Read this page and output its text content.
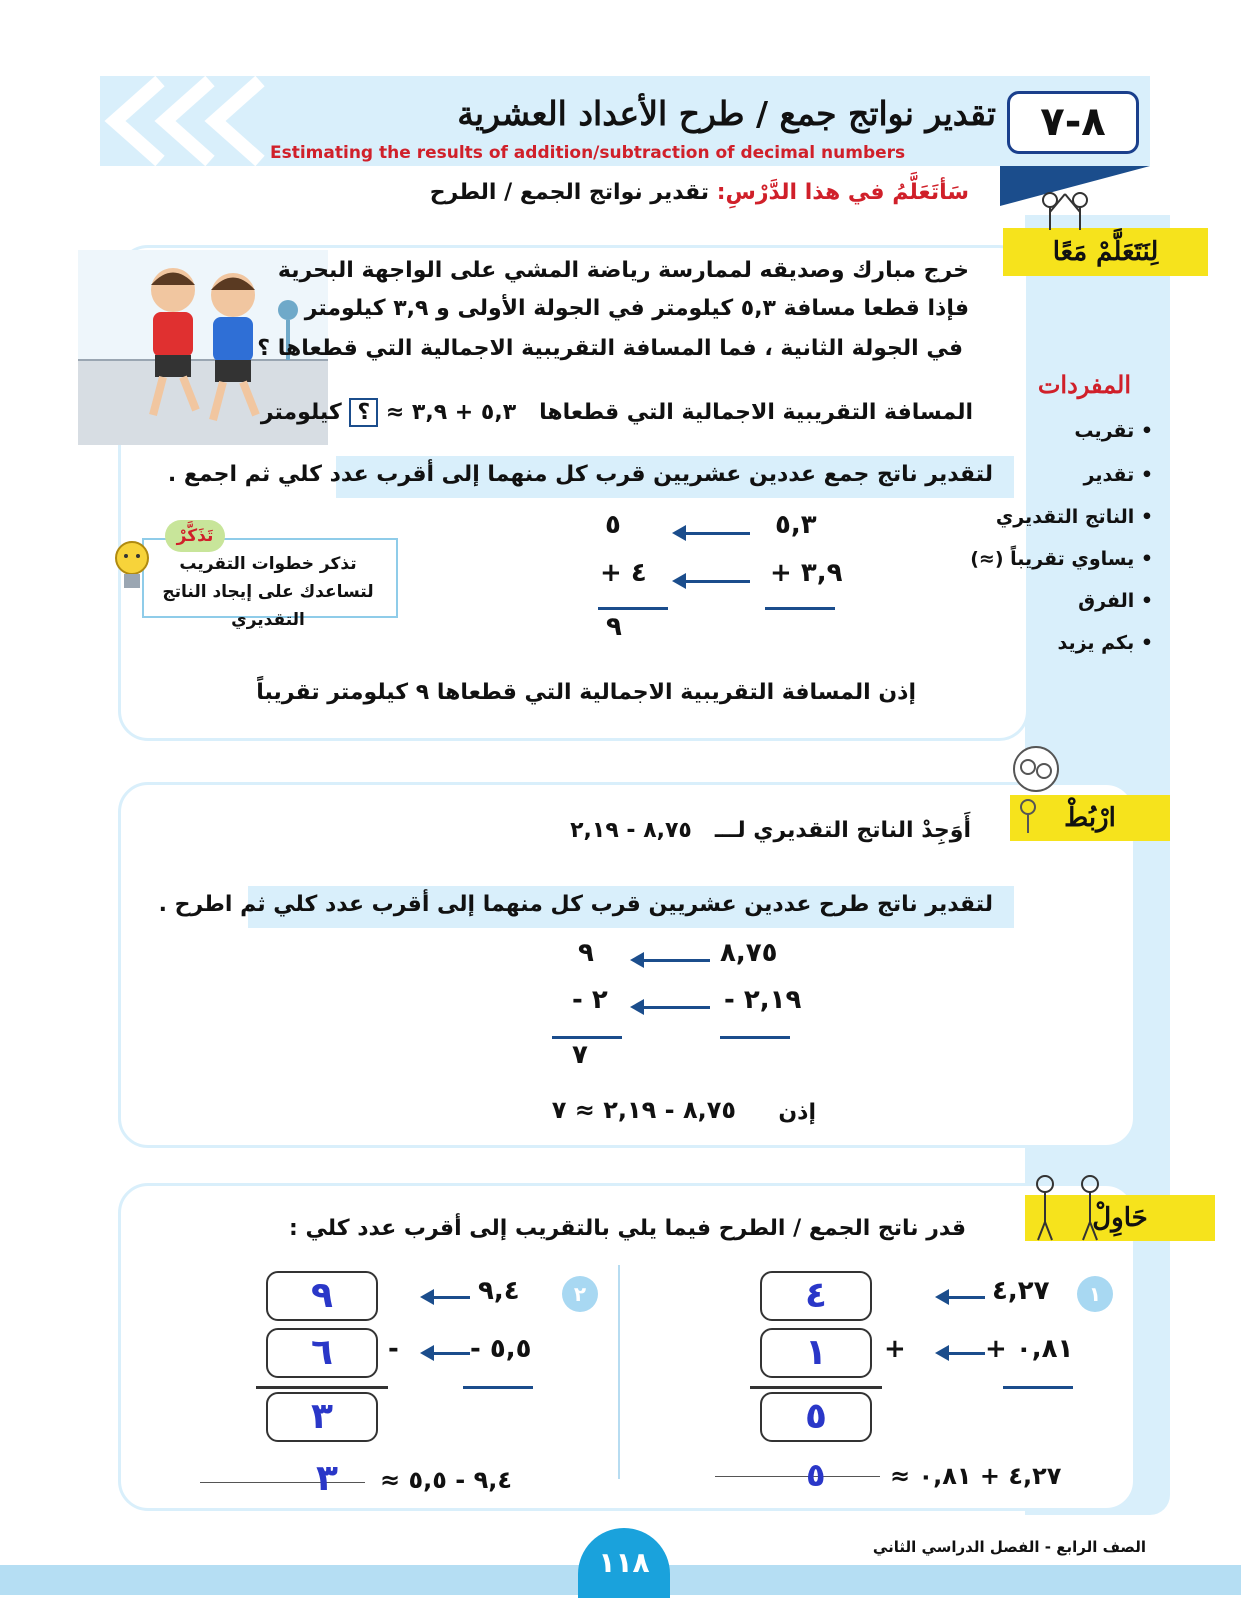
٨-٧
تقدير نواتج جمع / طرح الأعداد العشرية
Estimating the results of addition/subtraction of decimal numbers
سَأتَعَلَّمُ في هذا الدَّرْسِ: تقدير نواتج الجمع / الطرح
لِنَتَعَلَّمْ مَعًا
خرج مبارك وصديقه لممارسة رياضة المشي على الواجهة البحرية
فإذا قطعا مسافة ٥,٣ كيلومتر في الجولة الأولى و ٣,٩ كيلومتر
في الجولة الثانية ، فما المسافة التقريبية الاجمالية التي قطعاها ؟
المسافة التقريبية الاجمالية التي قطعاها   ٥,٣ + ٣,٩ ≈ ؟ كيلومتر
لتقدير ناتج جمع عددين عشريين قرب كل منهما إلى أقرب عدد كلي ثم اجمع .
٥,٣
٥
٣,٩ +
٤ +
٩
تذكر خطوات التقريب لتساعدك على إيجاد الناتج التقديري
تَذَكَّرْ
إذن المسافة التقريبية الاجمالية التي قطعاها ٩ كيلومتر تقريباً
المفردات
• تقريب
• تقدير
• الناتج التقديري
• يساوي تقريباً (≈)
• الفرق
• بكم يزيد
ارْبُطْ
أَوَجِدْ الناتج التقديري لـــ   ٨,٧٥ - ٢,١٩
لتقدير ناتج طرح عددين عشريين قرب كل منهما إلى أقرب عدد كلي ثم اطرح .
٨,٧٥
٩
٢,١٩ -
٢ -
٧
إذن
٨,٧٥ - ٢,١٩ ≈ ٧
حَاوِلْ
قدر ناتج الجمع / الطرح فيما يلي بالتقريب إلى أقرب عدد كلي :
١
٤,٢٧
٠,٨١ +
+
٤
١
٥
٤,٢٧ + ٠,٨١ ≈
٥
٢
٩,٤
٥,٥ -
-
٩
٦
٣
٩,٤ - ٥,٥ ≈
٣
١١٨	الصف الرابع - الفصل الدراسي الثاني
